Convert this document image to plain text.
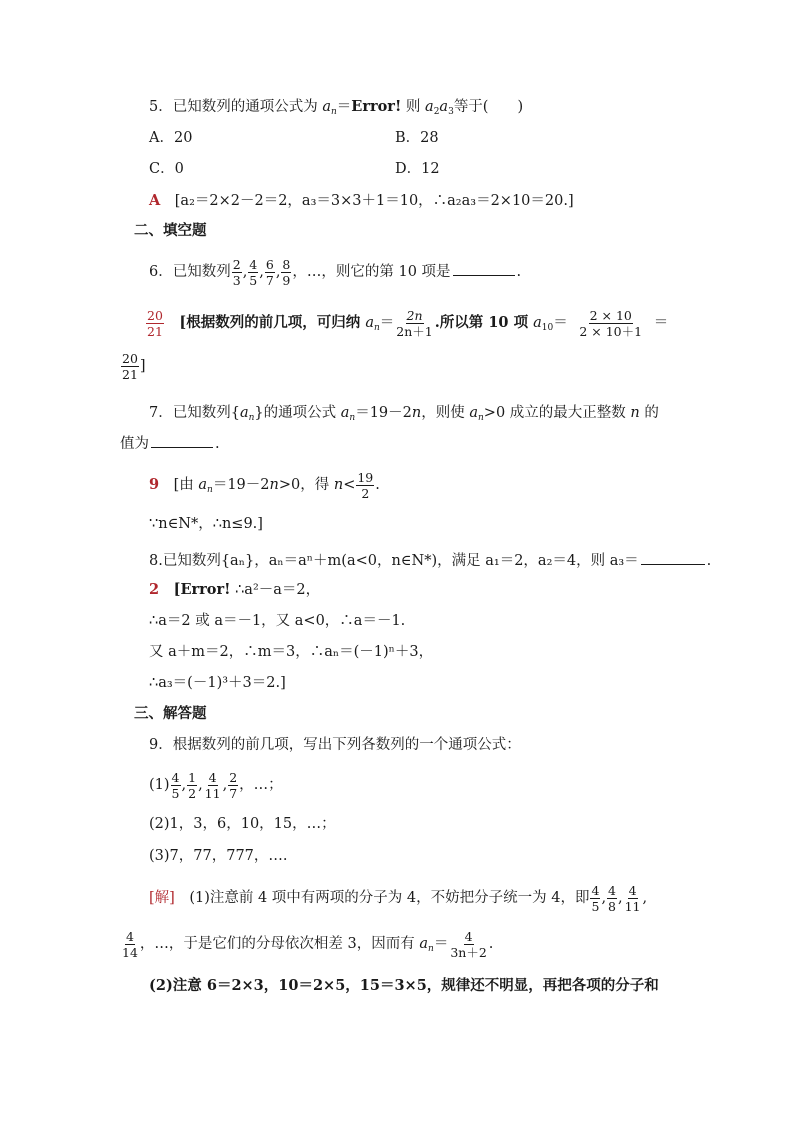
5．已知数列的通项公式为 $a_n=Error$! 则 $a_2a_3$等于(　　)
A．20	B．28
C．0	D．12
A　 [a₂＝2×2－2＝2，a₃＝3×3＋1＝10，∴a₂a₃＝2×10＝20.]
二、填空题
6．已知数列 $\frac{2}{3}$ , $\frac{4}{5}$ , $\frac{6}{7}$ , $\frac{8}{9}$ ，…，则它的第 10 项是	.
$\frac{20}{21}$
　 [根据数列的前几项，可归纳 $a_n= \frac{2n}{2n+1}$ .所以第 10 项 $a_{10}= \frac{2 \times 10}{2 \times 10+1}$ ＝
$\frac{20}{21}$ ]
7．已知数列$\{a_n\}$的通项公式 $a_n=19-2n$，则使 $a_n>0$ 成立的最大正整数 n 的
值为	.
9　 [由 $a_n=19-2n>0$，得 $n< \frac{19}{2}$ .
∵n∈N*，∴n≤9.]
8.已知数列{aₙ}，aₙ＝aⁿ＋m(a<0，n∈N*)，满足 a₁＝2，a₂＝4，则 a₃＝	.
2　 [Error! ∴a²－a＝2，
∴a＝2 或 a＝－1，又 a<0，∴a＝－1.
又 a＋m＝2，∴m＝3，∴aₙ＝(－1)ⁿ＋3，
∴a₃＝(－1)³＋3＝2.]
三、解答题
9．根据数列的前几项，写出下列各数列的一个通项公式：
$(1) \frac{4}{5}$ , $\frac{1}{2}$ , $\frac{4}{11}$ , $\frac{2}{7}$ ，…；
(2)1，3，6，10，15，…；
(3)7，77，777，….
[解]　(1)注意前 4 项中有两项的分子为 4，不妨把分子统一为 4，即 $\frac{4}{5}$ , $\frac{4}{8}$ , $\frac{4}{11}$ ,
$\frac{4}{14}$ ，…，于是它们的分母依次相差 3，因而有 $a_n= \frac{4}{3n+2}$ .
(2)注意 6＝2×3，10＝2×5，15＝3×5，规律还不明显，再把各项的分子和
